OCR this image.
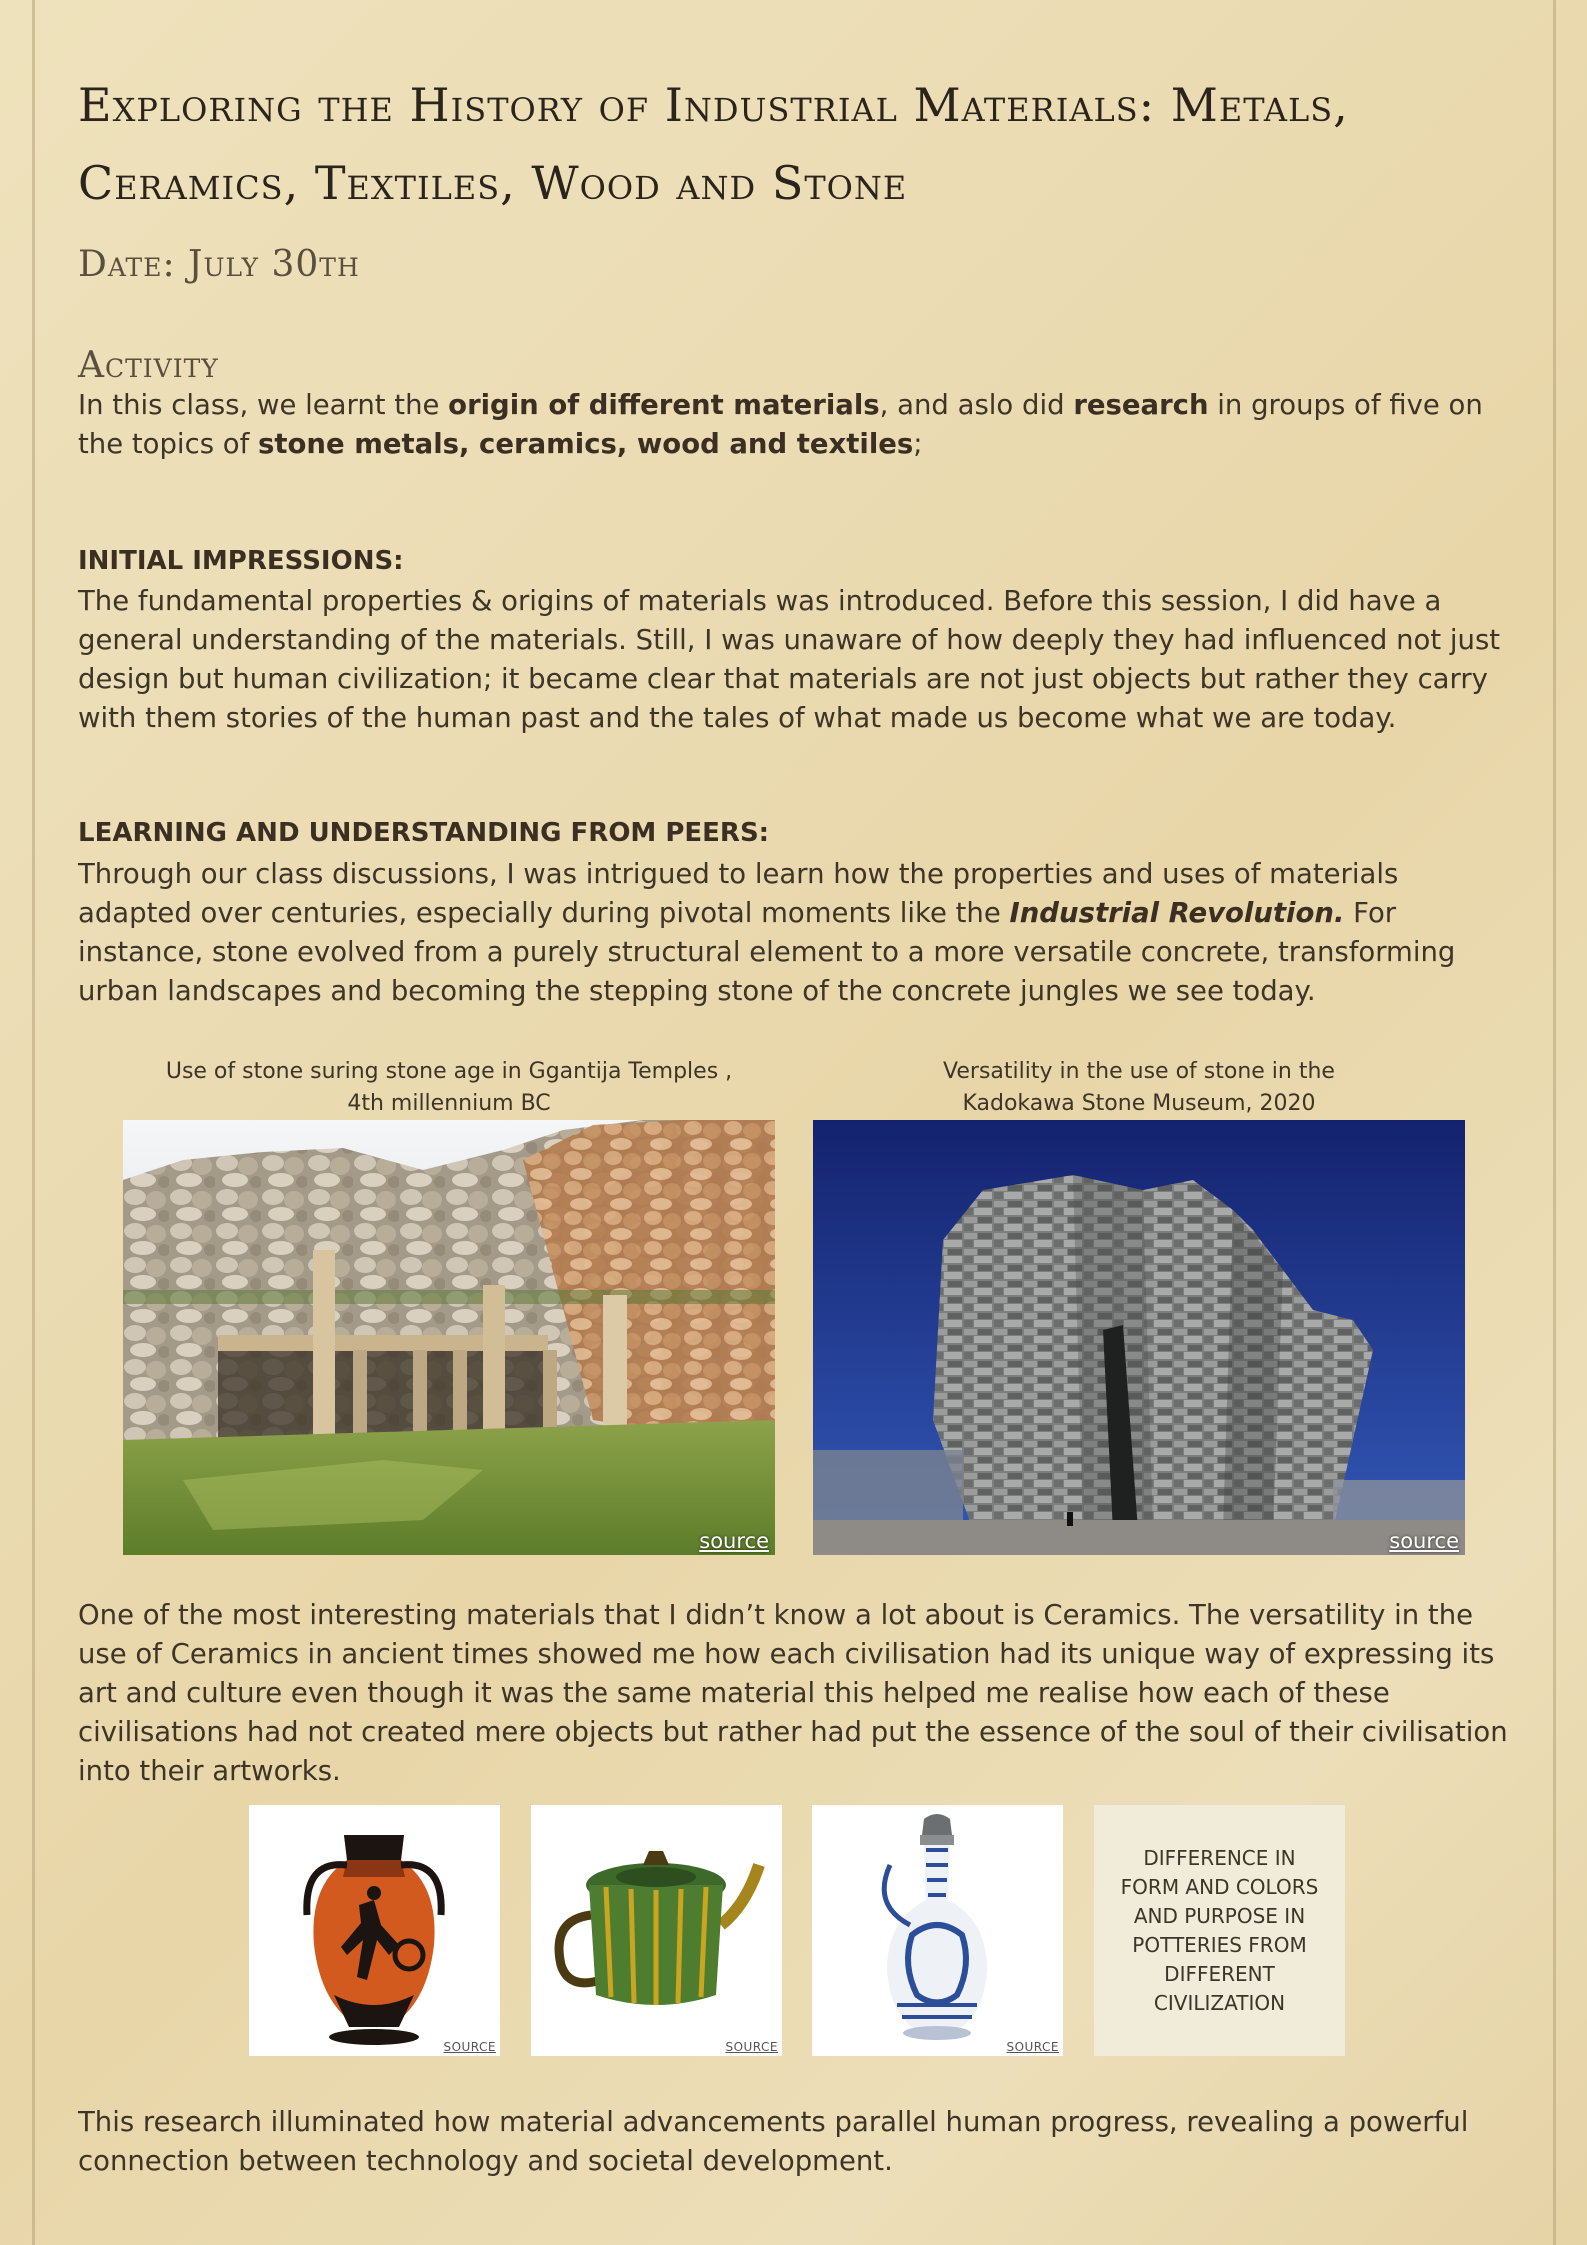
Exploring the History of Industrial Materials: Metals,
Ceramics, Textiles, Wood and Stone
Date: July 30th
Activity
In this class, we learnt the origin of different materials, and aslo did research in groups of five on the topics of stone metals, ceramics, wood and textiles;
INITIAL IMPRESSIONS:
The fundamental properties & origins of materials was introduced. Before this session, I did have a general understanding of the materials. Still, I was unaware of how deeply they had influenced not just design but human civilization; it became clear that materials are not just objects but rather they carry with them stories of the human past and the tales of what made us become what we are today.
LEARNING AND UNDERSTANDING FROM PEERS:
Through our class discussions, I was intrigued to learn how the properties and uses of materials adapted over centuries, especially during pivotal moments like the Industrial Revolution. For instance, stone evolved from a purely structural element to a more versatile concrete, transforming urban landscapes and becoming the stepping stone of the concrete jungles we see today.
Use of stone suring stone age in Ggantija Temples ,
4th millennium BC
Versatility in the use of stone in the
Kadokawa Stone Museum, 2020
source	source
One of the most interesting materials that I didn’t know a lot about is Ceramics. The versatility in the use of Ceramics in ancient times showed me how each civilisation had its unique way of expressing its art and culture even though it was the same material this helped me realise how each of these civilisations had not created mere objects but rather had put the essence of the soul of their civilisation into their artworks.
SOURCE	SOURCE	SOURCE
DIFFERENCE IN FORM AND COLORS AND PURPOSE IN POTTERIES FROM DIFFERENT CIVILIZATION
This research illuminated how material advancements parallel human progress, revealing a powerful connection between technology and societal development.
